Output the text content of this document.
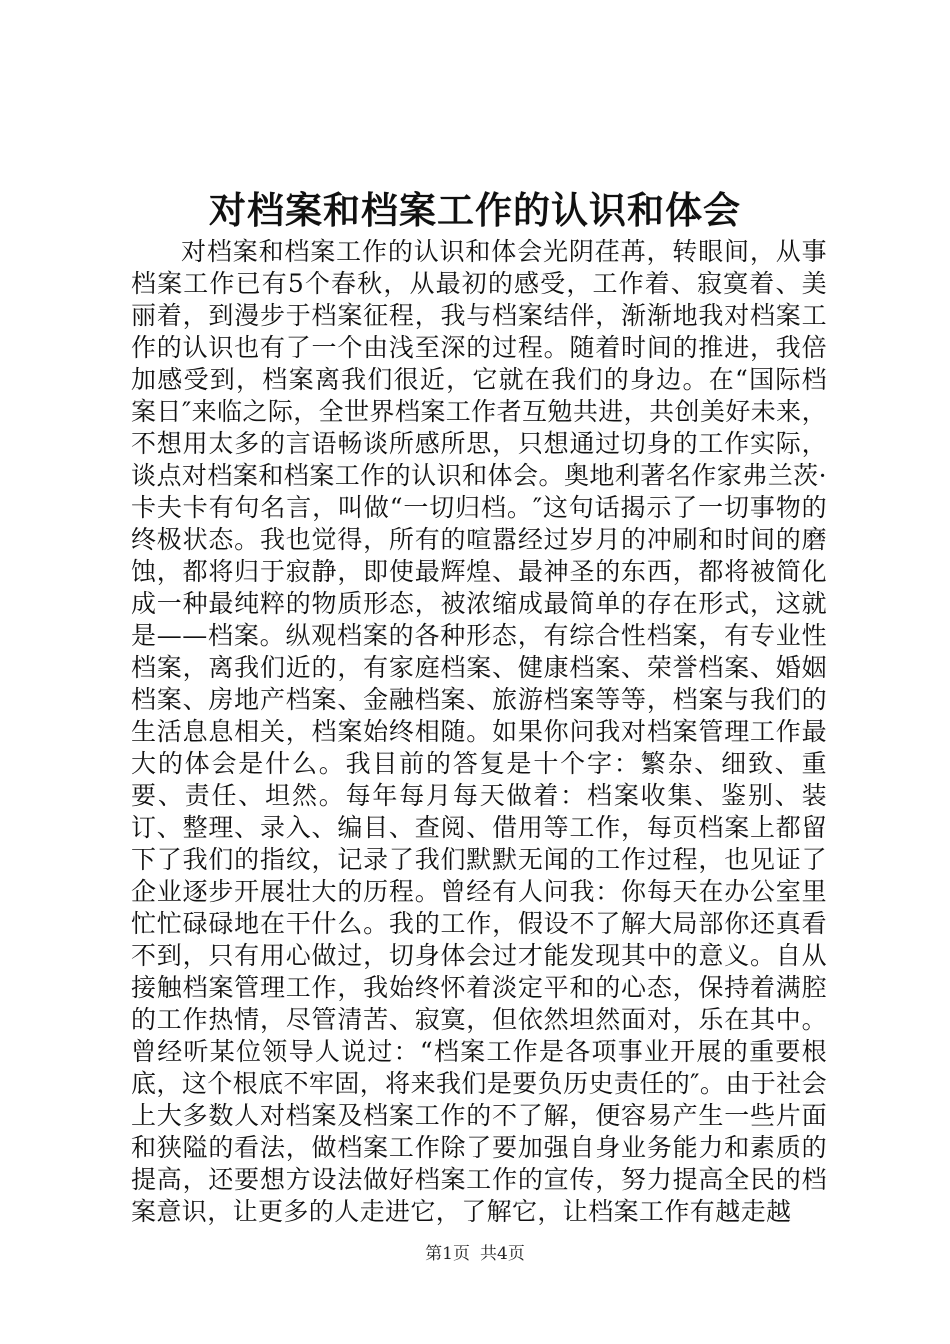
对档案和档案工作的认识和体会

对档案和档案工作的认识和体会光阴荏苒，转眼间，从事档案工作已有5个春秋，从最初的感受，工作着、寂寞着、美丽着，到漫步于档案征程，我与档案结伴，渐渐地我对档案工作的认识也有了一个由浅至深的过程。随着时间的推进，我倍加感受到，档案离我们很近，它就在我们的身边。在“国际档案日″来临之际，全世界档案工作者互勉共进，共创美好未来，不想用太多的言语畅谈所感所思，只想通过切身的工作实际，谈点对档案和档案工作的认识和体会。奥地利著名作家弗兰茨·卡夫卡有句名言，叫做“一切归档。″这句话揭示了一切事物的终极状态。我也觉得，所有的喧嚣经过岁月的冲刷和时间的磨蚀，都将归于寂静，即使最辉煌、最神圣的东西，都将被简化成一种最纯粹的物质形态，被浓缩成最简单的存在形式，这就是——档案。纵观档案的各种形态，有综合性档案，有专业性档案，离我们近的，有家庭档案、健康档案、荣誉档案、婚姻档案、房地产档案、金融档案、旅游档案等等，档案与我们的生活息息相关，档案始终相随。如果你问我对档案管理工作最大的体会是什么。我目前的答复是十个字：繁杂、细致、重要、责任、坦然。每年每月每天做着：档案收集、鉴别、装订、整理、录入、编目、查阅、借用等工作，每页档案上都留下了我们的指纹，记录了我们默默无闻的工作过程，也见证了企业逐步开展壮大的历程。曾经有人问我：你每天在办公室里忙忙碌碌地在干什么。我的工作，假设不了解大局部你还真看不到，只有用心做过，切身体会过才能发现其中的意义。自从接触档案管理工作，我始终怀着淡定平和的心态，保持着满腔的工作热情，尽管清苦、寂寞，但依然坦然面对，乐在其中。曾经听某位领导人说过：“档案工作是各项事业开展的重要根底，这个根底不牢固，将来我们是要负历史责任的″。由于社会上大多数人对档案及档案工作的不了解，便容易产生一些片面和狭隘的看法，做档案工作除了要加强自身业务能力和素质的提高，还要想方设法做好档案工作的宣传，努力提高全民的档案意识，让更多的人走进它，了解它，让档案工作有越走越

第1页 共4页
